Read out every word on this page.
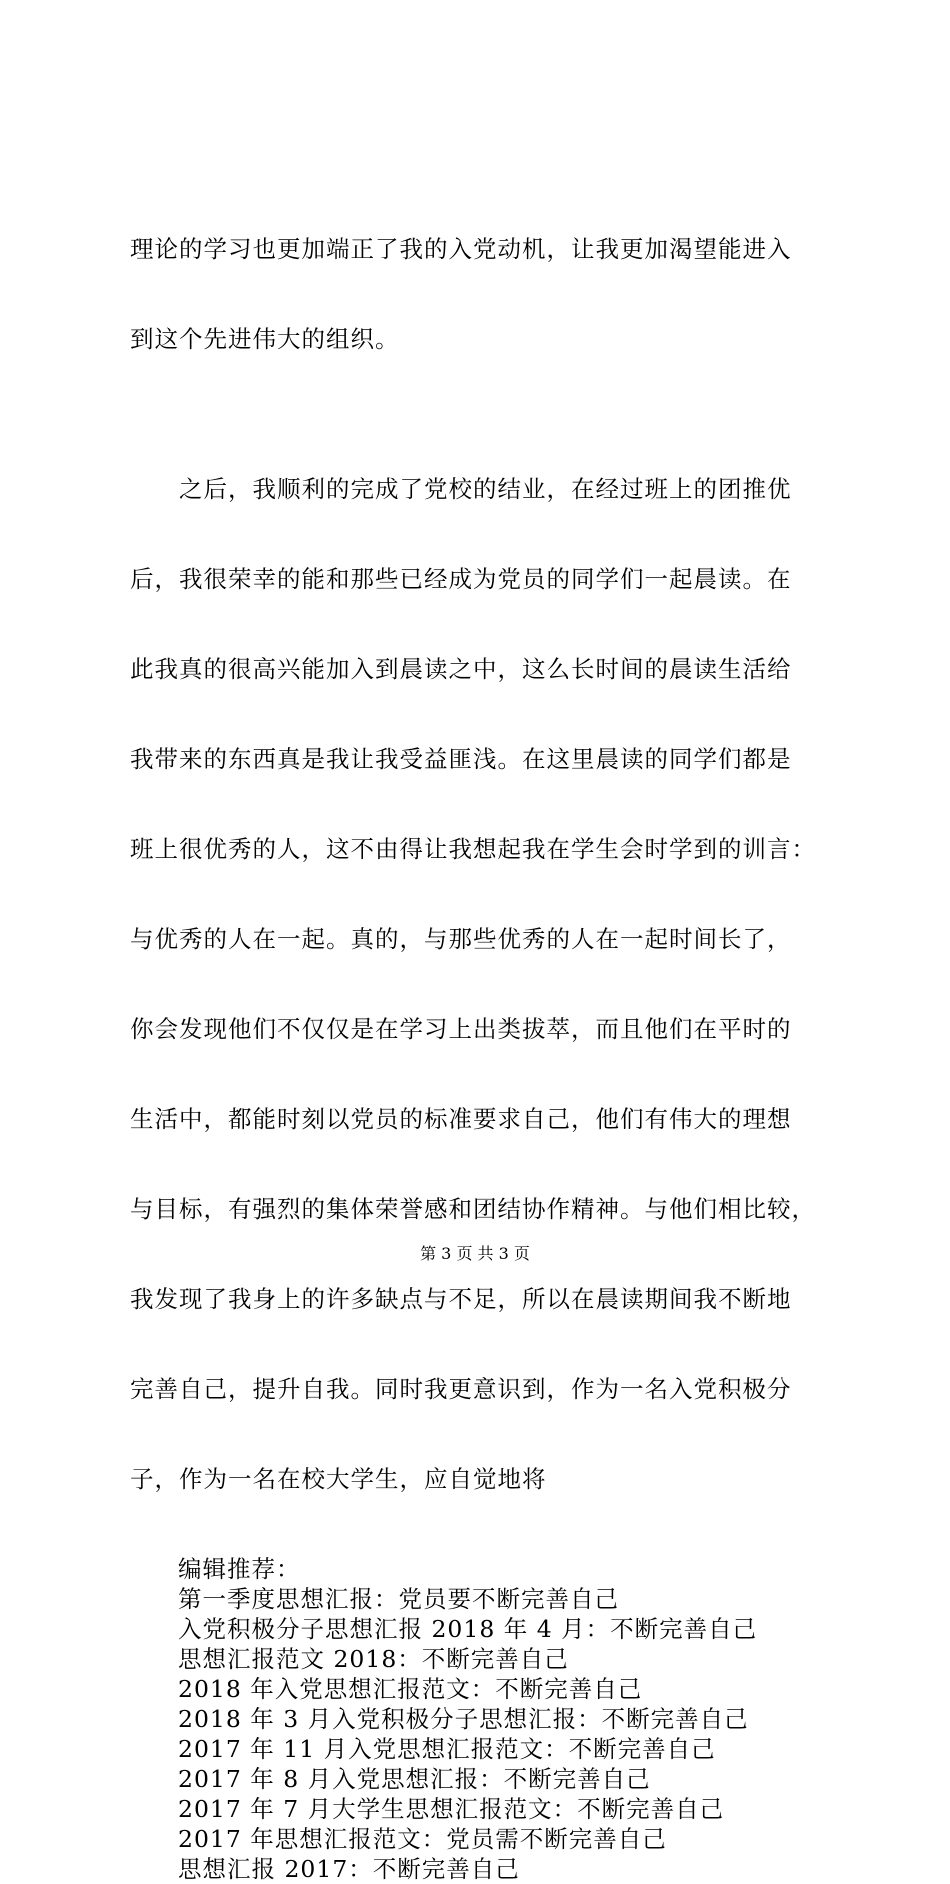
理论的学习也更加端正了我的入党动机，让我更加渴望能进入

到这个先进伟大的组织。

　　之后，我顺利的完成了党校的结业，在经过班上的团推优

后，我很荣幸的能和那些已经成为党员的同学们一起晨读。在

此我真的很高兴能加入到晨读之中，这么长时间的晨读生活给

我带来的东西真是我让我受益匪浅。在这里晨读的同学们都是

班上很优秀的人，这不由得让我想起我在学生会时学到的训言：

与优秀的人在一起。真的，与那些优秀的人在一起时间长了，

你会发现他们不仅仅是在学习上出类拔萃，而且他们在平时的

生活中，都能时刻以党员的标准要求自己，他们有伟大的理想

与目标，有强烈的集体荣誉感和团结协作精神。与他们相比较，

我发现了我身上的许多缺点与不足，所以在晨读期间我不断地

完善自己，提升自我。同时我更意识到，作为一名入党积极分

子，作为一名在校大学生，应自觉地将

编辑推荐：
第一季度思想汇报：党员要不断完善自己
入党积极分子思想汇报 2018 年 4 月：不断完善自己
思想汇报范文 2018：不断完善自己
2018 年入党思想汇报范文：不断完善自己
2018 年 3 月入党积极分子思想汇报：不断完善自己
2017 年 11 月入党思想汇报范文：不断完善自己
2017 年 8 月入党思想汇报：不断完善自己
2017 年 7 月大学生思想汇报范文：不断完善自己
2017 年思想汇报范文：党员需不断完善自己
思想汇报 2017：不断完善自己
第 3 页 共 3 页
